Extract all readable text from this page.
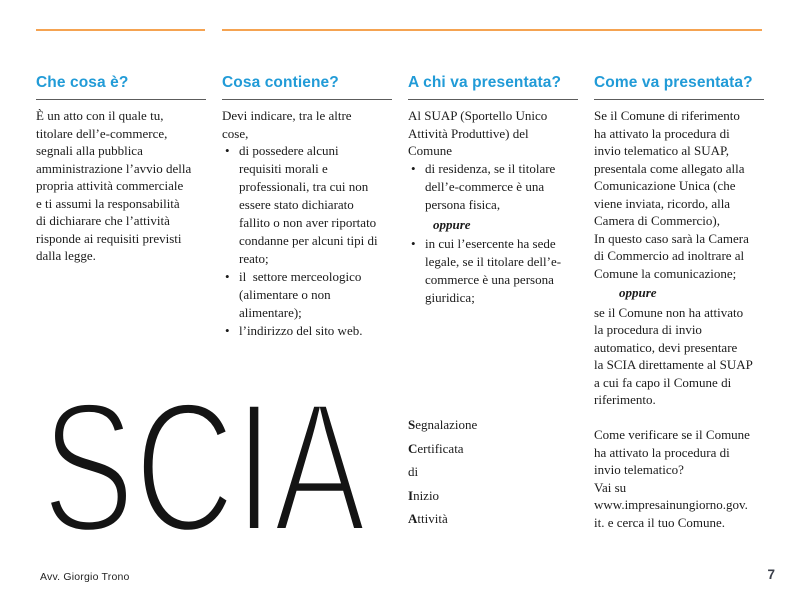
Che cosa è?

È un atto con il quale tu,
titolare dell’e-commerce,
segnali alla pubblica
amministrazione l’avvio della
propria attività commerciale
e ti assumi la responsabilità
di dichiarare che l’attività
risponde ai requisiti previsti
dalla legge.

Cosa contiene?

Devi indicare, tra le altre
cose,

• di possedere alcuni
requisiti morali e
professionali, tra cui non
essere stato dichiarato
fallito o non aver riportato
condanne per alcuni tipi di
reato;
• il  settore merceologico
(alimentare o non
alimentare);
• l’indirizzo del sito web.
A chi va presentata?

Al SUAP (Sportello Unico
Attività Produttive) del
Comune

• di residenza, se il titolare
dell’e-commerce è una
persona fisica,

oppure

• in cui l’esercente ha sede
legale, se il titolare dell’e-
commerce è una persona
giuridica;
Come va presentata?

Se il Comune di riferimento
ha attivato la procedura di
invio telematico al SUAP,
presentala come allegato alla
Comunicazione Unica (che
viene inviata, ricordo, alla
Camera di Commercio),
In questo caso sarà la Camera
di Commercio ad inoltrare al
Comune la comunicazione;

oppure

se il Comune non ha attivato
la procedura di invio
automatico, devi presentare
la SCIA direttamente al SUAP
a cui fa capo il Comune di
riferimento.

Come verificare se il Comune
ha attivato la procedura di
invio telematico?
Vai su
www.impresainungiorno.gov.
it. e cerca il tuo Comune.

SCIA	Segnalazione
Certificata
di
Inizio
Attività
Avv. Giorgio Trono	7
